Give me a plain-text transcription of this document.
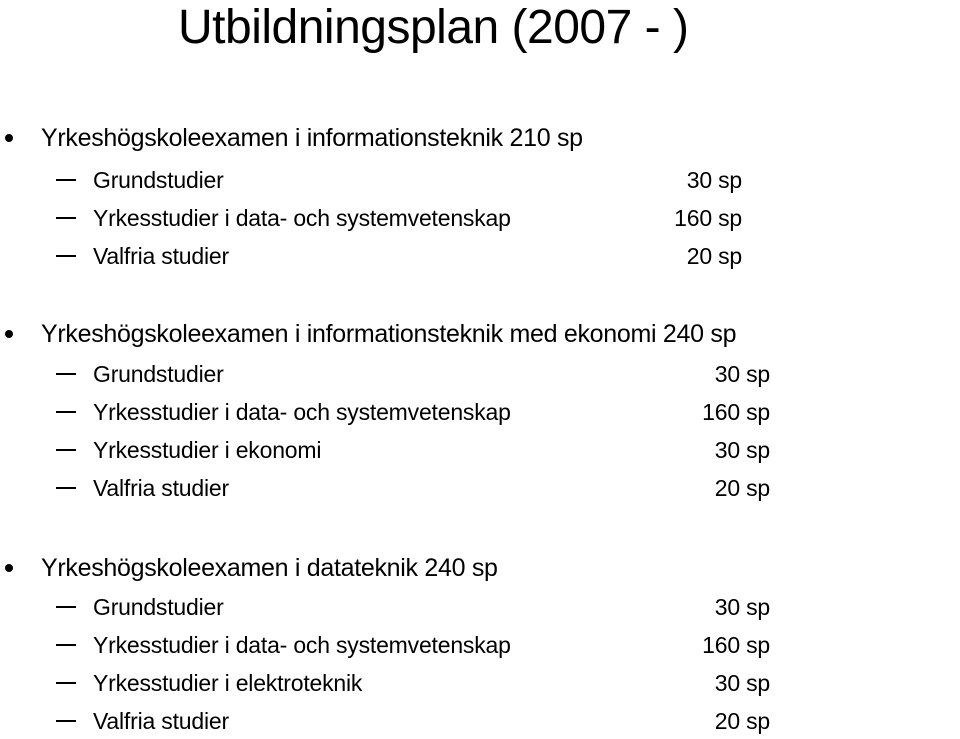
Utbildningsplan (2007 - )
Yrkeshögskoleexamen i informationsteknik 210 sp
Grundstudier	30 sp
Yrkesstudier i data- och systemvetenskap	160 sp
Valfria studier	20 sp
Yrkeshögskoleexamen i informationsteknik med ekonomi 240 sp
Grundstudier	30 sp
Yrkesstudier i data- och systemvetenskap	160 sp
Yrkesstudier i ekonomi	30 sp
Valfria studier	20 sp
Yrkeshögskoleexamen i datateknik 240 sp
Grundstudier	30 sp
Yrkesstudier i data- och systemvetenskap	160 sp
Yrkesstudier i elektroteknik	30 sp
Valfria studier	20 sp
